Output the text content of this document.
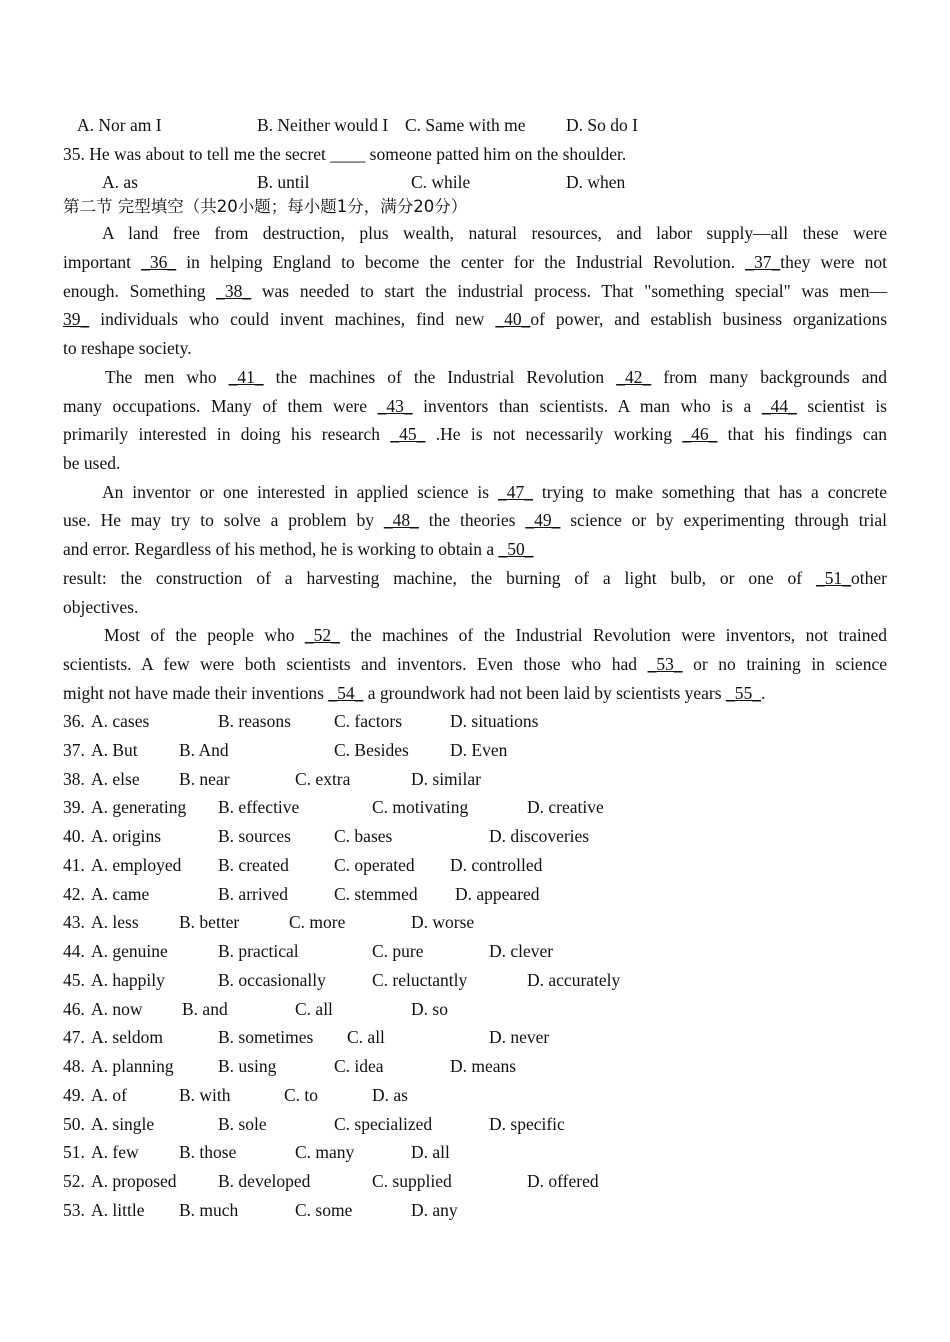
A. Nor am I	B. Neither would I C. Same with me D. So do I
35. He was about to tell me the secret ____ someone patted him on the shoulder.
A. as	B. until	C. while	D. when
第二节 完型填空（共20小题；每小题1分，满分20分）
A land free from destruction, plus wealth, natural resources, and labor supply—all these were
important _36_ in helping England to become the center for the Industrial Revolution. _37_they were not
enough. Something _38_ was needed to start the industrial process. That "something special" was men—
39_ individuals who could invent machines, find new _40_of power, and establish business organizations
to reshape society.
The men who _41_ the machines of the Industrial Revolution _42_ from many backgrounds and
many occupations. Many of them were _43_ inventors than scientists. A man who is a _44_ scientist is
primarily interested in doing his research _45_ .He is not necessarily working _46_ that his findings can
be used.
An inventor or one interested in applied science is _47_ trying to make something that has a concrete
use. He may try to solve a problem by _48_ the theories _49_ science or by experimenting through trial
and error. Regardless of his method, he is working to obtain a _50_
result: the construction of a harvesting machine, the burning of a light bulb, or one of _51_other
objectives.
Most of the people who _52_ the machines of the Industrial Revolution were inventors, not trained
scientists. A few were both scientists and inventors. Even those who had _53_ or no training in science
might not have made their inventions _54_ a groundwork had not been laid by scientists years _55_.
36. A. cases	B. reasons C. factors	D. situations
37. A. But B. And	C. Besides D. Even
38. A. else B. near	C. extra	D. similar
39. A. generating B. effective	C. motivating	D. creative
40. A. origins	B. sources C. bases	D. discoveries
41. A. employed B. created	C. operated D. controlled
42. A. came	B. arrived	C. stemmed D. appeared
43. A. less B. better	C. more	D. worse
44. A. genuine	B. practical	C. pure	D. clever
45. A. happily	B. occasionally	C. reluctantly	D. accurately
46. A. now B. and	C. all	D. so
47. A. seldom	B. sometimes C. all	D. never
48. A. planning	B. using	C. idea	D. means
49. A. of	B. with	C. to	D. as
50. A. single	B. sole	C. specialized	D. specific
51. A. few B. those	C. many	D. all
52. A. proposed B. developed	C. supplied	D. offered
53. A. little B. much	C. some	D. any
